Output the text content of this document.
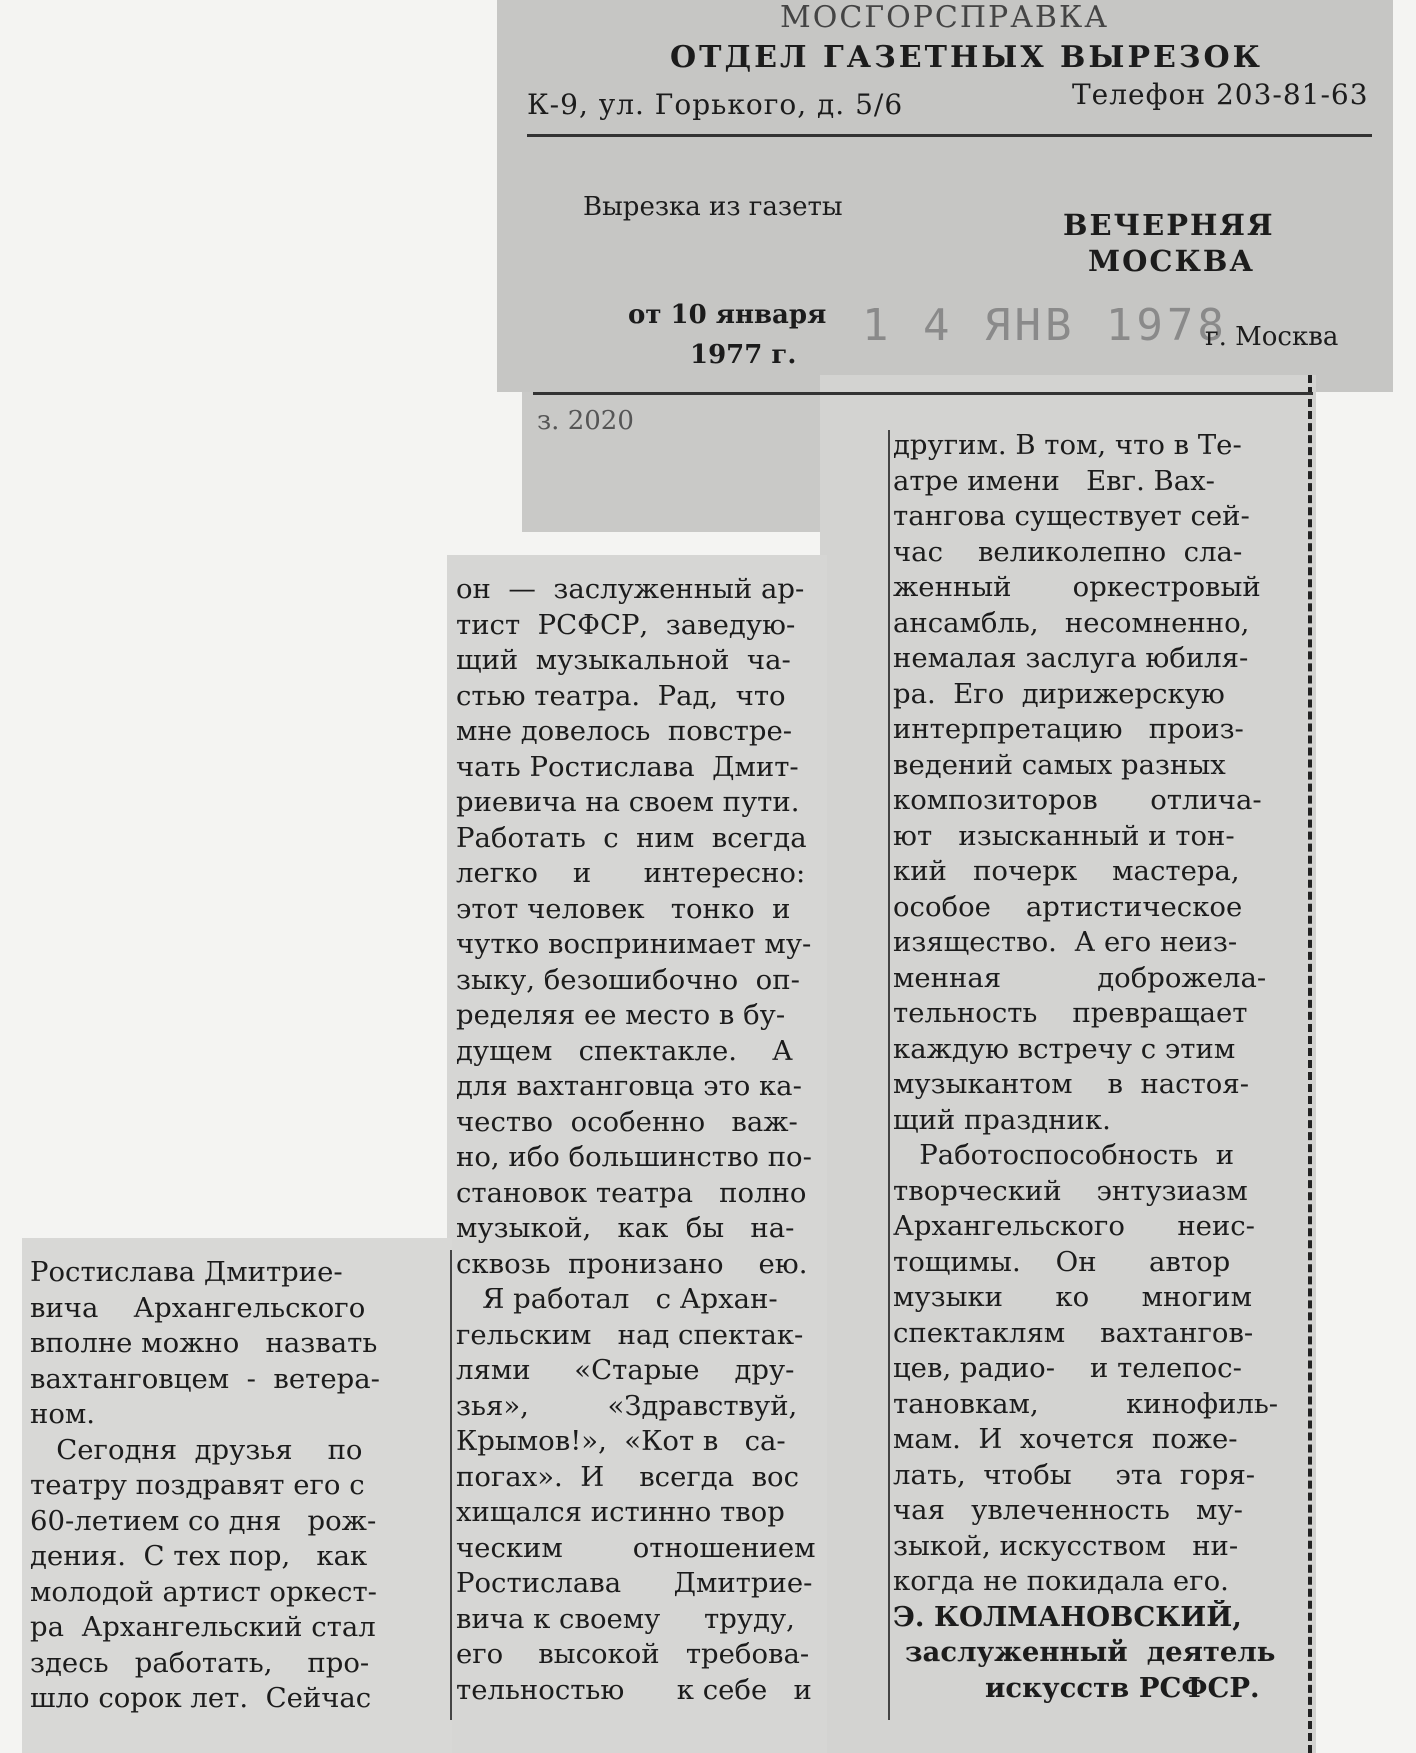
МОСГОРСПРАВКА
ОТДЕЛ ГАЗЕТНЫХ ВЫРЕЗОК
К-9, ул. Горького, д. 5/6	Телефон 203-81-63
Вырезка из газеты
ВЕЧЕРНЯЯ
МОСКВА
от 10 января
1977 г.
1 4 ЯНВ 1978
г. Москва
з. 2020
Ростислава Дмитрие-
вича    Архангельского
вполне можно   назвать
вахтанговцем  -  ветера-
ном.
Сегодня  друзья    по
театру поздравят его с
60-летием со дня   рож-
дения.  С тех пор,   как
молодой артист оркест-
ра  Архангельский стал
здесь   работать,    про-
шло сорок лет.  Сейчас
он  —  заслуженный ар-
тист  РСФСР,  заведую-
щий  музыкальной  ча-
стью театра.  Рад,  что
мне довелось  повстре-
чать Ростислава  Дмит-
риевича на своем пути.
Работать  с  ним  всегда
легко    и      интересно:
этот человек   тонко  и
чутко воспринимает му-
зыку, безошибочно  оп-
ределяя ее место в бу-
дущем   спектакле.    А
для вахтанговца это ка-
чество  особенно   важ-
но, ибо большинство по-
становок театра   полно
музыкой,   как  бы   на-
сквозь  пронизано    ею.
Я работал   с Архан-
гельским   над спектак-
лями     «Старые    дру-
зья»,         «Здравствуй,
Крымов!»,  «Кот в   са-
погах».  И    всегда  вос
хищался истинно твор
ческим        отношением
Ростислава      Дмитрие-
вича к своему     труду,
его    высокой   требова-
тельностью      к себе   и
другим. В том, что в Те-
атре имени   Евг. Вах-
тангова существует сей-
час    великолепно  сла-
женный       оркестровый
ансамбль,   несомненно,
немалая заслуга юбиля-
ра.  Его  дирижерскую
интерпретацию   произ-
ведений самых разных
композиторов      отлича-
ют   изысканный и тон-
кий   почерк    мастера,
особое    артистическое
изящество.  А его неиз-
менная           доброжела-
тельность    превращает
каждую встречу с этим
музыкантом    в  настоя-
щий праздник.
Работоспособность  и
творческий    энтузиазм
Архангельского      неис-
тощимы.    Он      автор
музыки      ко      многим
спектаклям    вахтангов-
цев, радио-    и телепос-
тановкам,          кинофиль-
мам.  И  хочется  поже-
лать,  чтобы     эта  горя-
чая   увлеченность   му-
зыкой, искусством   ни-
когда не покидала его.
Э. КОЛМАНОВСКИЙ,
заслуженный  деятель
искусств РСФСР.
